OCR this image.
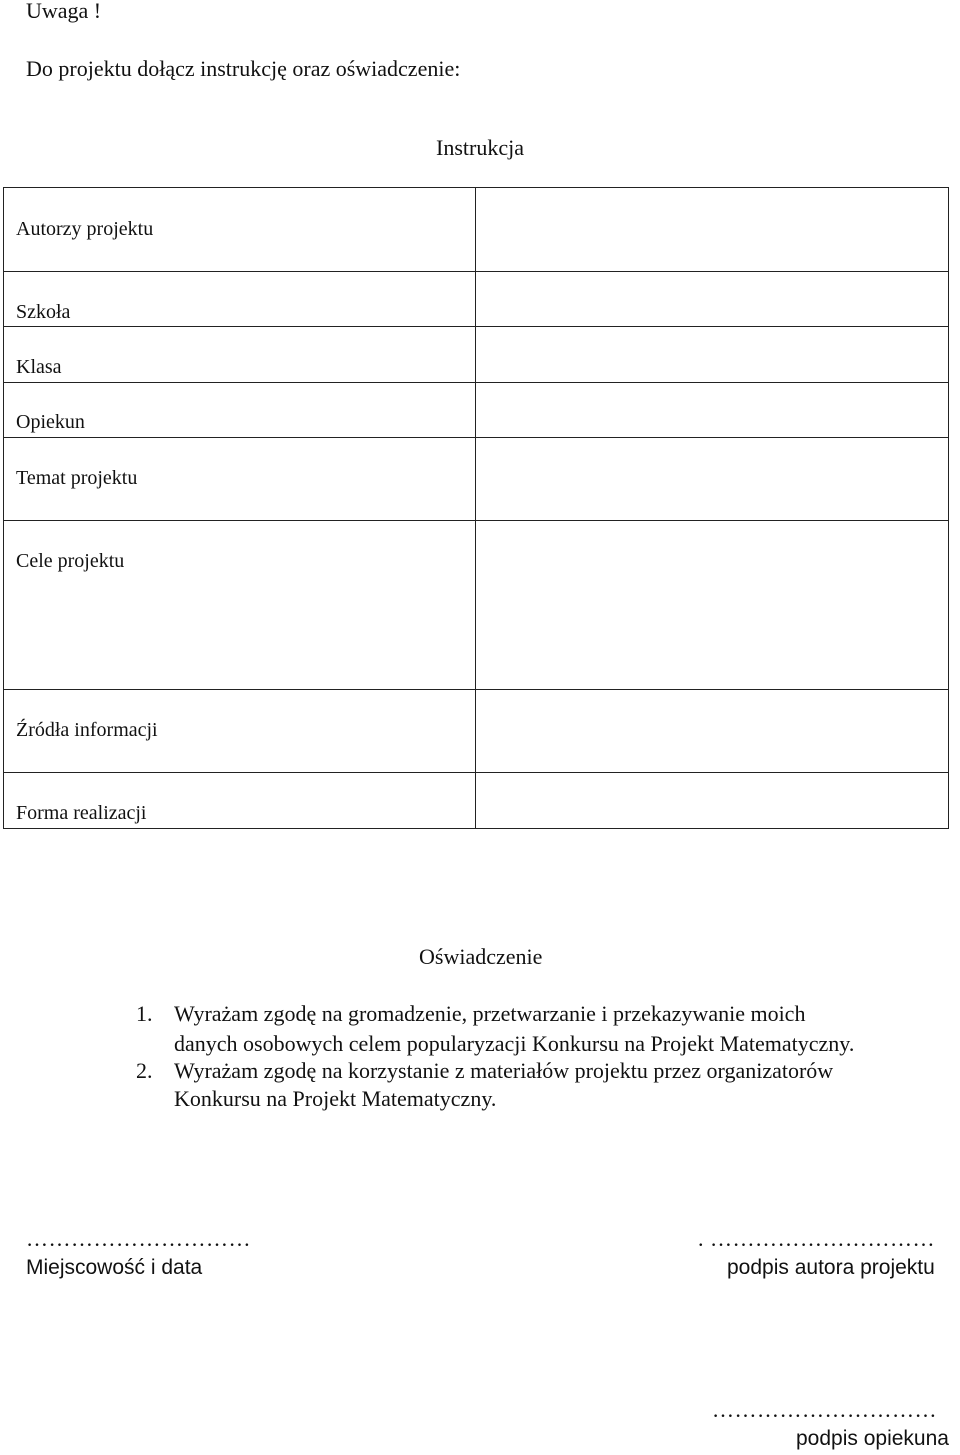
Uwaga !
Do projektu dołącz instrukcję oraz oświadczenie:
Instrukcja
Autorzy projektu
Szkoła
Klasa
Opiekun
Temat projektu
Cele projektu
Źródła informacji
Forma realizacji
Oświadczenie
1. Wyrażam zgodę na gromadzenie, przetwarzanie i przekazywanie moich
danych osobowych celem popularyzacji Konkursu na Projekt Matematyczny.
2. Wyrażam zgodę na korzystanie z materiałów projektu przez organizatorów
Konkursu na Projekt Matematyczny.
…………………………
Miejscowość i data
. …………………………
podpis autora projektu
…………………………
podpis opiekuna
